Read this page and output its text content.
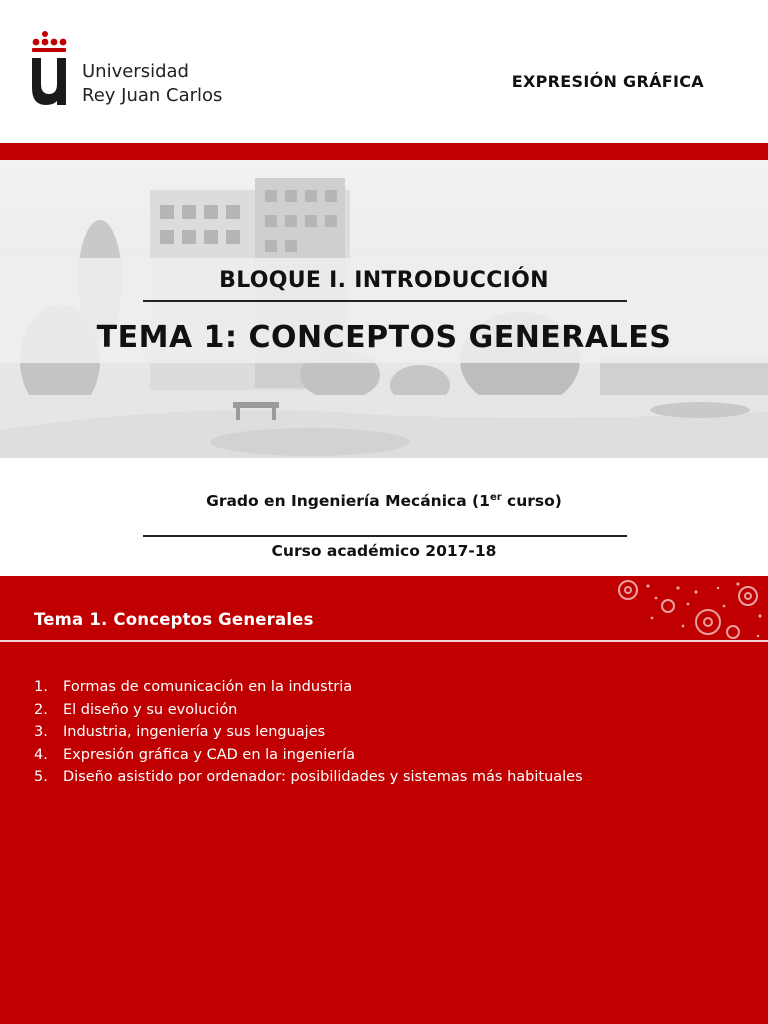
Universidad
Rey Juan Carlos
EXPRESIÓN GRÁFICA
BLOQUE I. INTRODUCCIÓN
TEMA 1: CONCEPTOS GENERALES
Grado en Ingeniería Mecánica (1er curso)
Curso académico 2017-18
Tema 1. Conceptos Generales
1. Formas de comunicación en la industria
2. El diseño y su evolución
3. Industria, ingeniería y sus lenguajes
4. Expresión gráfica y CAD en la ingeniería
5. Diseño asistido por ordenador: posibilidades y sistemas más habituales
